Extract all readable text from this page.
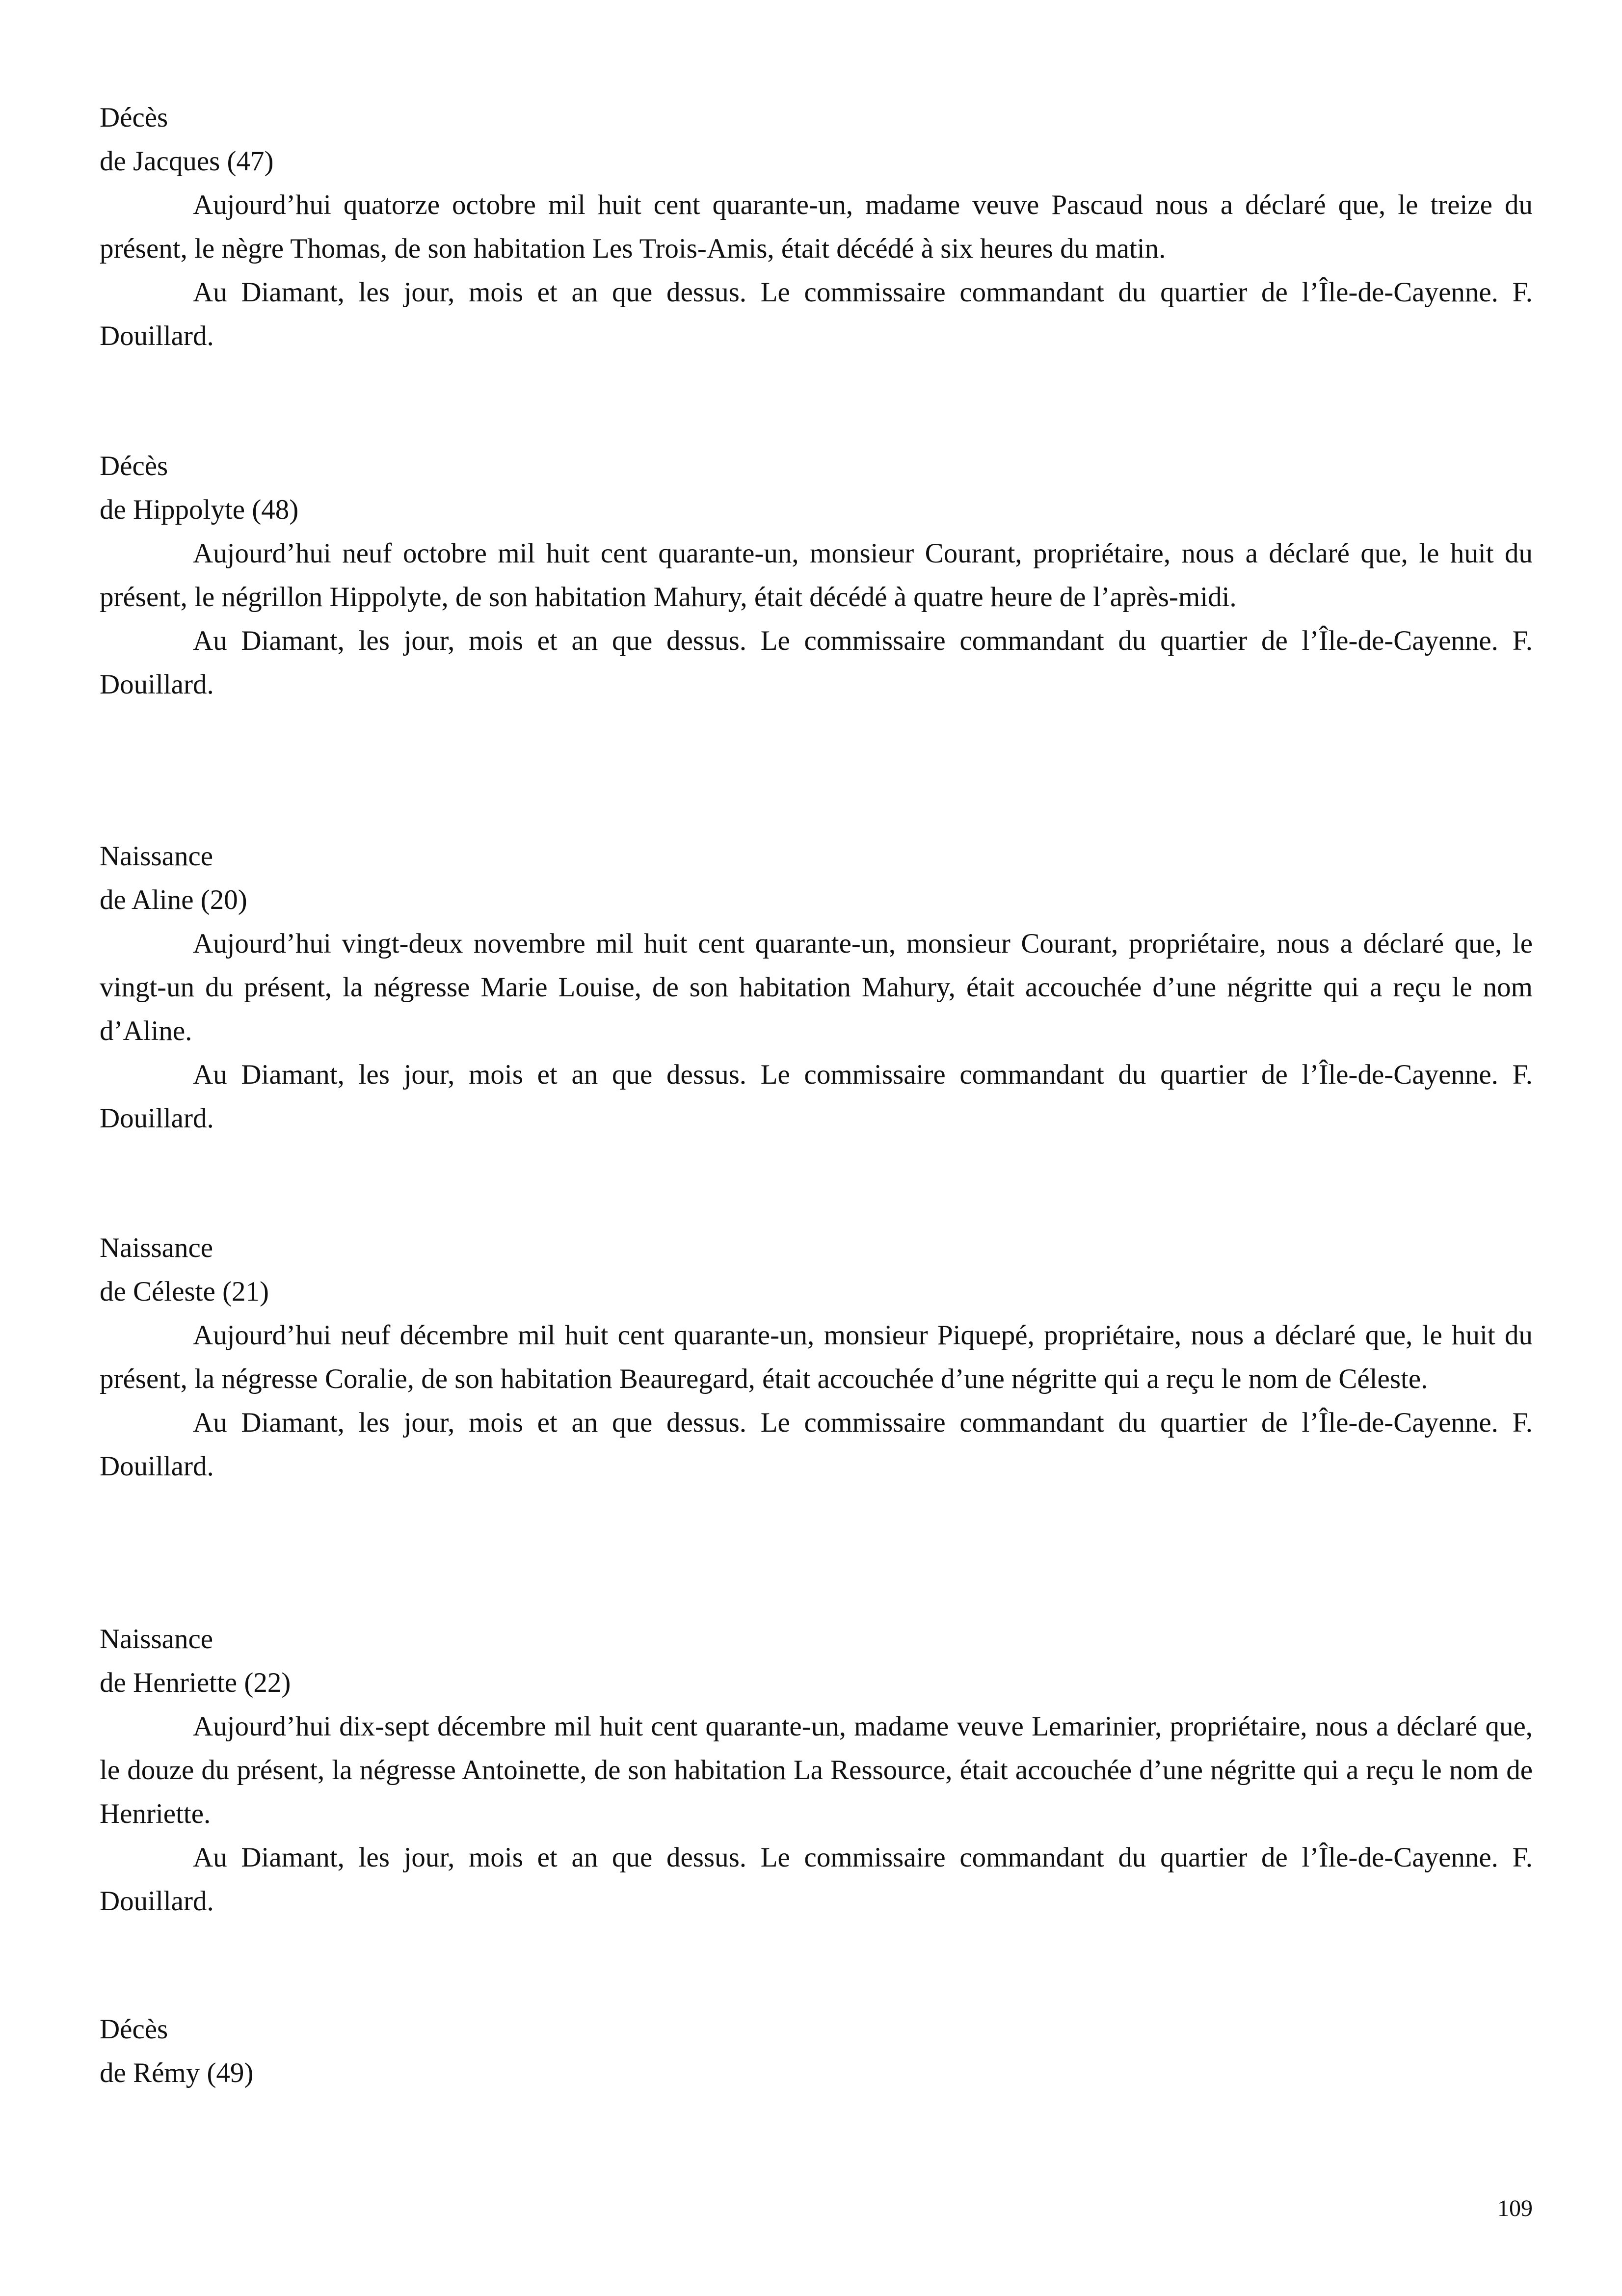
Décès
de Jacques (47)

Aujourd’hui quatorze octobre mil huit cent quarante-un, madame veuve Pascaud nous a déclaré que, le treize du présent, le nègre Thomas, de son habitation Les Trois-Amis, était décédé à six heures du matin.

Au Diamant, les jour, mois et an que dessus. Le commissaire commandant du quartier de l’Île-de-Cayenne. F. Douillard.

Décès
de Hippolyte (48)

Aujourd’hui neuf octobre mil huit cent quarante-un, monsieur Courant, propriétaire, nous a déclaré que, le huit du présent, le négrillon Hippolyte, de son habitation Mahury, était décédé à quatre heure de l’après-midi.

Au Diamant, les jour, mois et an que dessus. Le commissaire commandant du quartier de l’Île-de-Cayenne. F. Douillard.

Naissance
de Aline (20)

Aujourd’hui vingt-deux novembre mil huit cent quarante-un, monsieur Courant, propriétaire, nous a déclaré que, le vingt-un du présent, la négresse Marie Louise, de son habitation Mahury, était accouchée d’une négritte qui a reçu le nom d’Aline.

Au Diamant, les jour, mois et an que dessus. Le commissaire commandant du quartier de l’Île-de-Cayenne. F. Douillard.

Naissance
de Céleste (21)

Aujourd’hui neuf décembre mil huit cent quarante-un, monsieur Piquepé, propriétaire, nous a déclaré que, le huit du présent, la négresse Coralie, de son habitation Beauregard, était accouchée d’une négritte qui a reçu le nom de Céleste.

Au Diamant, les jour, mois et an que dessus. Le commissaire commandant du quartier de l’Île-de-Cayenne. F. Douillard.

Naissance
de Henriette (22)

Aujourd’hui dix-sept décembre mil huit cent quarante-un, madame veuve Lemarinier, propriétaire, nous a déclaré que, le douze du présent, la négresse Antoinette, de son habitation La Ressource, était accouchée d’une négritte qui a reçu le nom de Henriette.

Au Diamant, les jour, mois et an que dessus. Le commissaire commandant du quartier de l’Île-de-Cayenne. F. Douillard.

Décès
de Rémy (49)
109
